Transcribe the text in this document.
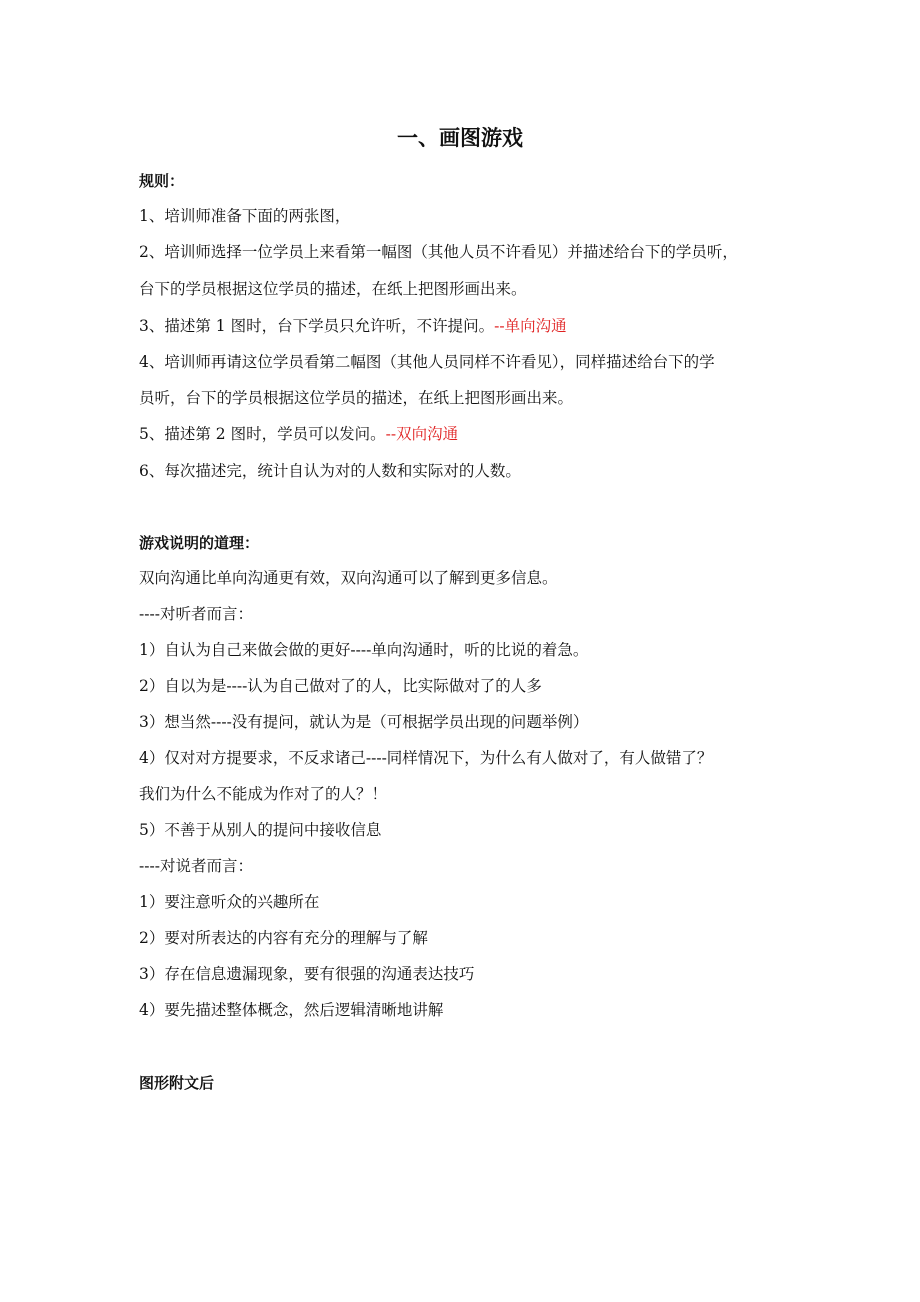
一、画图游戏
规则：
1、培训师准备下面的两张图，
2、培训师选择一位学员上来看第一幅图（其他人员不许看见）并描述给台下的学员听，
台下的学员根据这位学员的描述，在纸上把图形画出来。
3、描述第 1 图时，台下学员只允许听，不许提问。--单向沟通
4、培训师再请这位学员看第二幅图（其他人员同样不许看见），同样描述给台下的学
员听，台下的学员根据这位学员的描述，在纸上把图形画出来。
5、描述第 2 图时，学员可以发问。--双向沟通
6、每次描述完，统计自认为对的人数和实际对的人数。
游戏说明的道理：
双向沟通比单向沟通更有效，双向沟通可以了解到更多信息。
----对听者而言：
1）自认为自己来做会做的更好----单向沟通时，听的比说的着急。
2）自以为是----认为自己做对了的人，比实际做对了的人多
3）想当然----没有提问，就认为是（可根据学员出现的问题举例）
4）仅对对方提要求，不反求诸己----同样情况下，为什么有人做对了，有人做错了？
我们为什么不能成为作对了的人？！
5）不善于从别人的提问中接收信息
----对说者而言：
1）要注意听众的兴趣所在
2）要对所表达的内容有充分的理解与了解
3）存在信息遗漏现象，要有很强的沟通表达技巧
4）要先描述整体概念，然后逻辑清晰地讲解
图形附文后
